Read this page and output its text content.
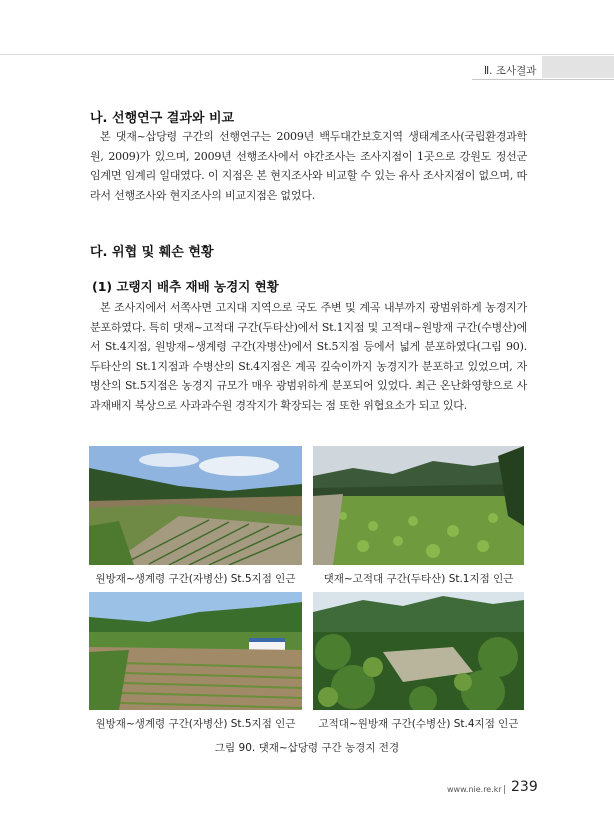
Ⅱ. 조사결과
나. 선행연구 결과와 비교

본 댓재~삽당령 구간의 선행연구는 2009년 백두대간보호지역 생태계조사(국립환경과학원, 2009)가 있으며, 2009년 선행조사에서 야간조사는 조사지점이 1곳으로 강원도 정선군 임계면 임계리 일대였다. 이 지점은 본 현지조사와 비교할 수 있는 유사 조사지점이 없으며, 따라서 선행조사와 현지조사의 비교지점은 없었다.

다. 위협 및 훼손 현황
(1) 고랭지 배추 재배 농경지 현황

본 조사지에서 서쪽사면 고지대 지역으로 국도 주변 및 계곡 내부까지 광범위하게 농경지가 분포하였다. 특히 댓재~고적대 구간(두타산)에서 St.1지점 및 고적대~원방재 구간(수병산)에서 St.4지점, 원방재~생계령 구간(자병산)에서 St.5지점 등에서 넓게 분포하였다(그림 90). 두타산의 St.1지점과 수병산의 St.4지점은 계곡 깊숙이까지 농경지가 분포하고 있었으며, 자병산의 St.5지점은 농경지 규모가 매우 광범위하게 분포되어 있었다. 최근 온난화영향으로 사과재배지 북상으로 사과과수원 경작지가 확장되는 점 또한 위협요소가 되고 있다.

원방재~생계령 구간(자병산) St.5지점 인근	댓재~고적대 구간(두타산) St.1지점 인근
원방재~생계령 구간(자병산) St.5지점 인근	고적대~원방재 구간(수병산) St.4지점 인근
그림 90. 댓재~삽당령 구간 농경지 전경
www.nie.re.kr 239
